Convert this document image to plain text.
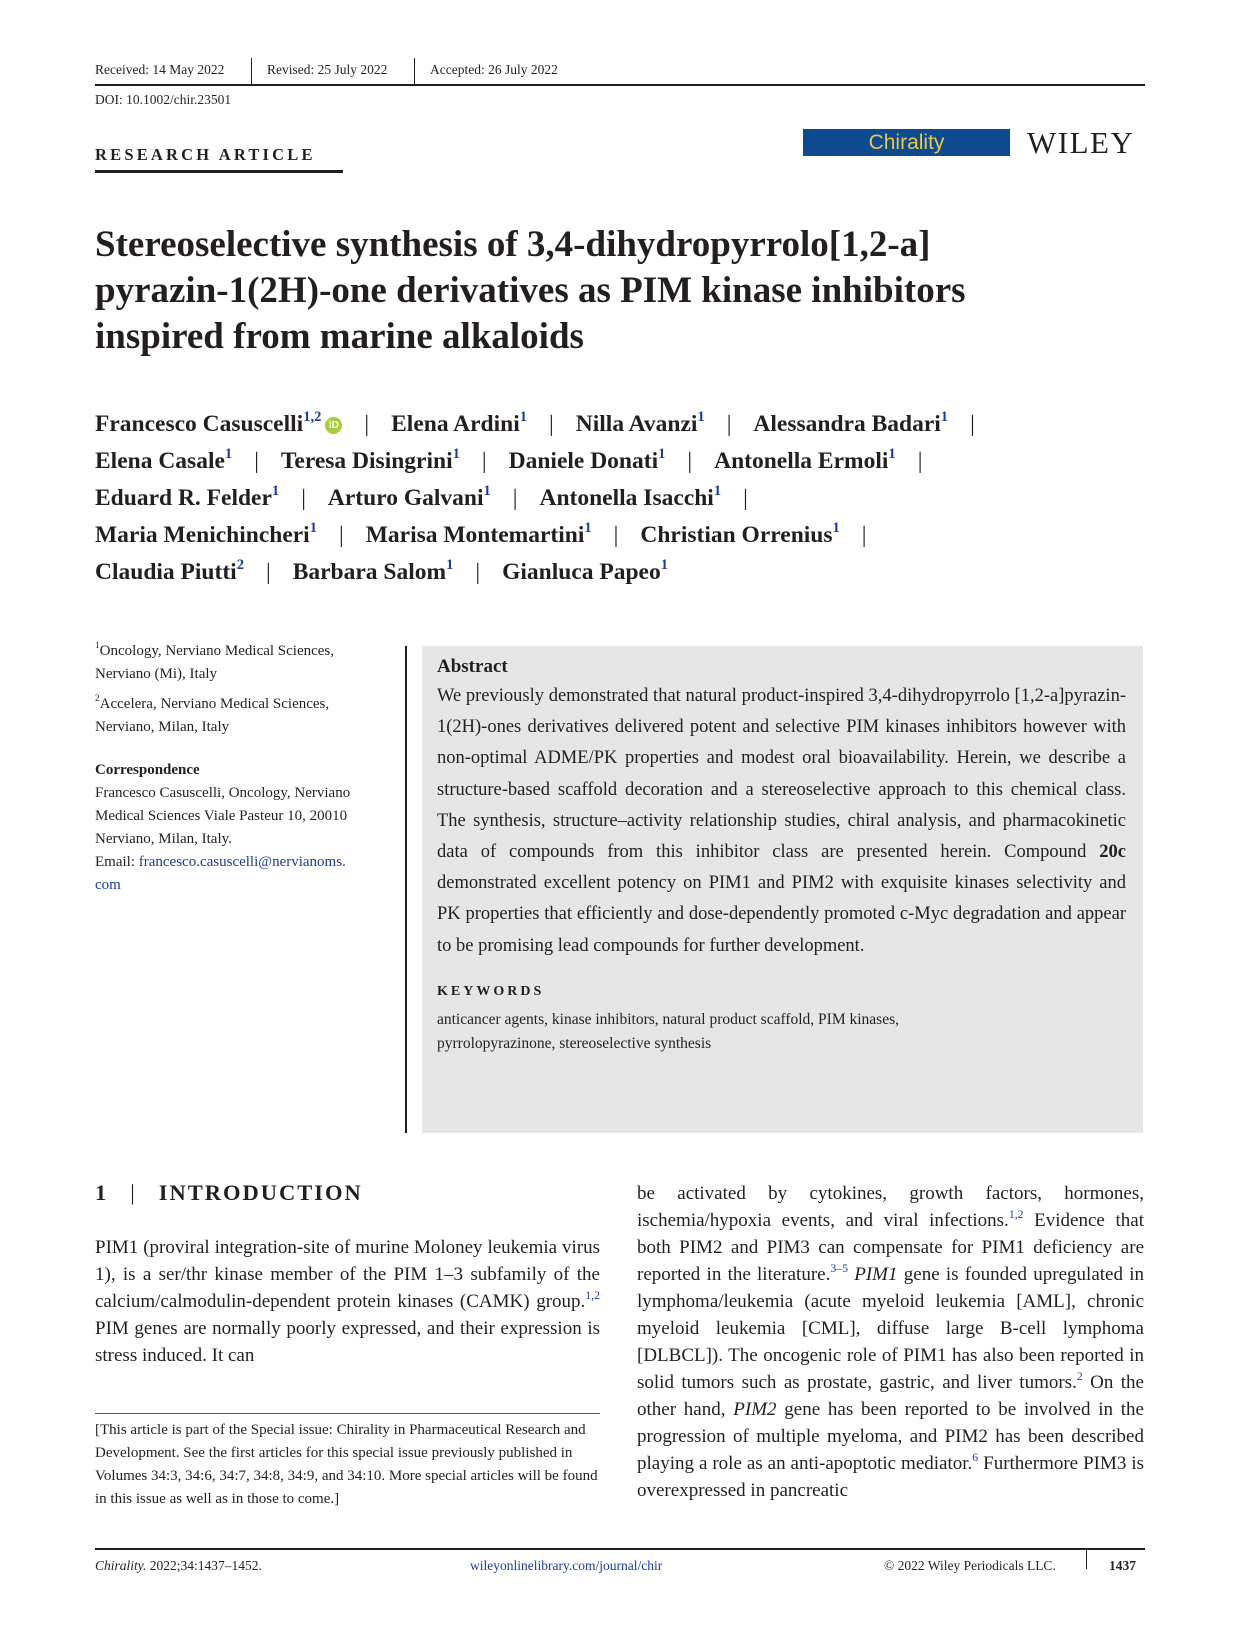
Received: 14 May 2022	Revised: 25 July 2022	Accepted: 26 July 2022
DOI: 10.1002/chir.23501
RESEARCH ARTICLE
Chirality	WILEY
Stereoselective synthesis of 3,4-dihydropyrrolo[1,2-a]
pyrazin-1(2H)-one derivatives as PIM kinase inhibitors
inspired from marine alkaloids
Francesco Casuscelli$^{1,2}$iD | Elena Ardini$^1$ | Nilla Avanzi$^1$ | Alessandra Badari$^1$ |
Elena Casale$^1$ | Teresa Disingrini$^1$ | Daniele Donati$^1$ | Antonella Ermoli$^1$ |
Eduard R. Felder$^1$ | Arturo Galvani$^1$ | Antonella Isacchi$^1$ |
Maria Menichincheri$^1$ | Marisa Montemartini$^1$ | Christian Orrenius$^1$ |
Claudia Piutti$^2$ | Barbara Salom$^1$ | Gianluca Papeo$^1$
$^1$Oncology, Nerviano Medical Sciences,
Nerviano (Mi), Italy
$^2$Accelera, Nerviano Medical Sciences,
Nerviano, Milan, Italy
Correspondence
Francesco Casuscelli, Oncology, Nerviano
Medical Sciences Viale Pasteur 10, 20010
Nerviano, Milan, Italy.
Email: francesco.casuscelli@nervianoms.
com
Abstract
We previously demonstrated that natural product-inspired 3,4-dihydropyrrolo [1,2-a]pyrazin-1(2H)-ones derivatives delivered potent and selective PIM kinases inhibitors however with non-optimal ADME/PK properties and modest oral bioavailability. Herein, we describe a structure-based scaffold decoration and a stereoselective approach to this chemical class. The synthesis, structure–activity relationship studies, chiral analysis, and pharmacokinetic data of compounds from this inhibitor class are presented herein. Compound 20c demonstrated excellent potency on PIM1 and PIM2 with exquisite kinases selectivity and PK properties that efficiently and dose-dependently promoted c-Myc degradation and appear to be promising lead compounds for further development.
KEYWORDS
anticancer agents, kinase inhibitors, natural product scaffold, PIM kinases,
pyrrolopyrazinone, stereoselective synthesis
1 | INTRODUCTION
PIM1 (proviral integration-site of murine Moloney leukemia virus 1), is a ser/thr kinase member of the PIM 1–3 subfamily of the calcium/calmodulin-dependent protein kinases (CAMK) group.$^{1,2}$ PIM genes are normally poorly expressed, and their expression is stress induced. It can
[This article is part of the Special issue: Chirality in Pharmaceutical Research and Development. See the first articles for this special issue previously published in Volumes 34:3, 34:6, 34:7, 34:8, 34:9, and 34:10. More special articles will be found in this issue as well as in those to come.]
be activated by cytokines, growth factors, hormones, ischemia/hypoxia events, and viral infections.$^{1,2}$ Evidence that both PIM2 and PIM3 can compensate for PIM1 deficiency are reported in the literature.$^{3-5}$ PIM1 gene is founded upregulated in lymphoma/leukemia (acute myeloid leukemia [AML], chronic myeloid leukemia [CML], diffuse large B-cell lymphoma [DLBCL]). The oncogenic role of PIM1 has also been reported in solid tumors such as prostate, gastric, and liver tumors.$^2$ On the other hand, PIM2 gene has been reported to be involved in the progression of multiple myeloma, and PIM2 has been described playing a role as an anti-apoptotic mediator.$^6$ Furthermore PIM3 is overexpressed in pancreatic
Chirality. 2022;34:1437–1452.	wileyonlinelibrary.com/journal/chir	© 2022 Wiley Periodicals LLC.	1437
